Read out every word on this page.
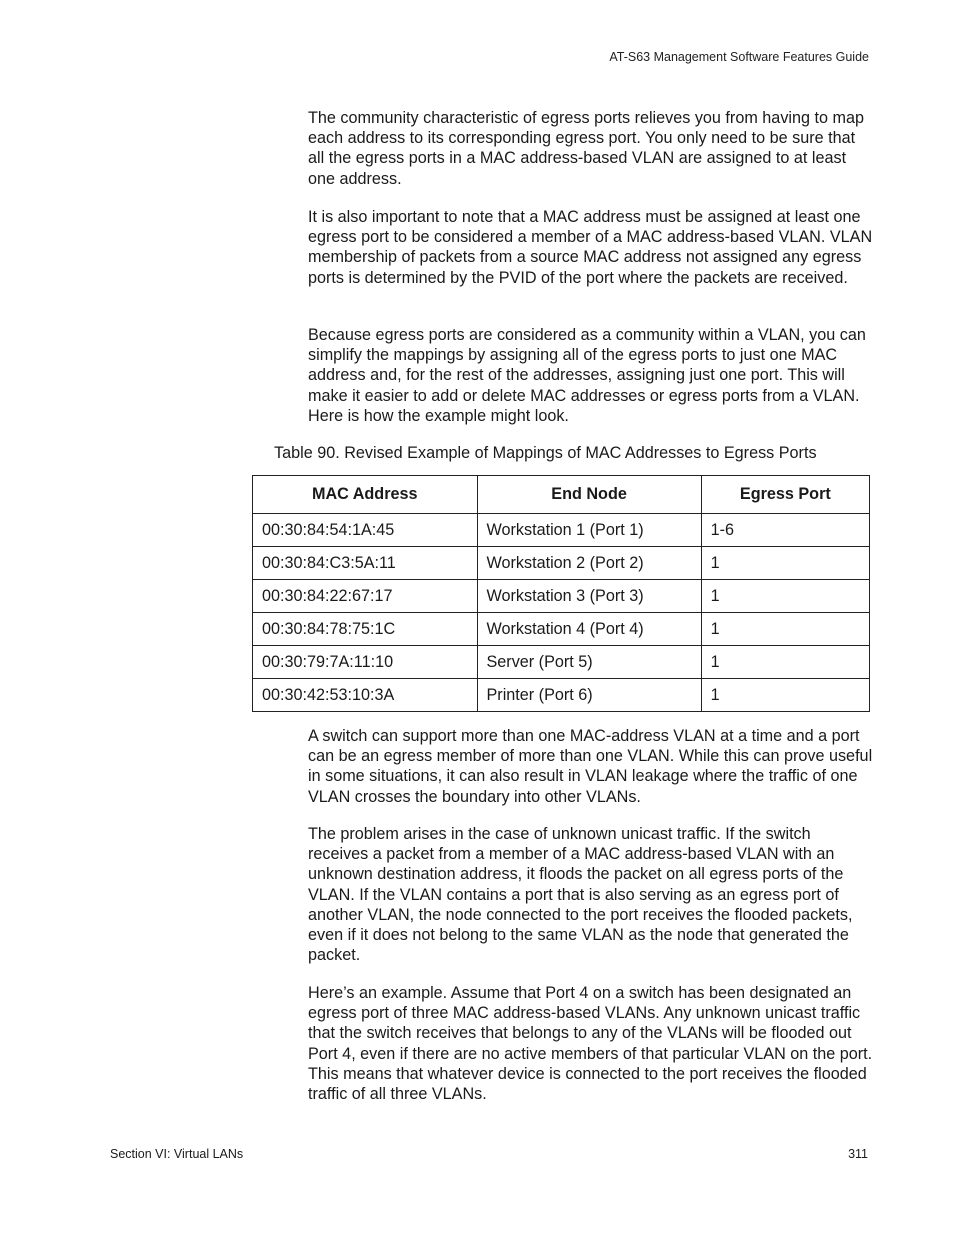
AT-S63 Management Software Features Guide

The community characteristic of egress ports relieves you from having to map each address to its corresponding egress port. You only need to be sure that all the egress ports in a MAC address-based VLAN are assigned to at least one address.

It is also important to note that a MAC address must be assigned at least one egress port to be considered a member of a MAC address-based VLAN. VLAN membership of packets from a source MAC address not assigned any egress ports is determined by the PVID of the port where the packets are received.

Because egress ports are considered as a community within a VLAN, you can simplify the mappings by assigning all of the egress ports to just one MAC address and, for the rest of the addresses, assigning just one port. This will make it easier to add or delete MAC addresses or egress ports from a VLAN. Here is how the example might look.

Table 90. Revised Example of Mappings of MAC Addresses to Egress Ports
MAC Address	End Node	Egress Port
00:30:84:54:1A:45	Workstation 1 (Port 1)	1-6
00:30:84:C3:5A:11	Workstation 2 (Port 2)	1
00:30:84:22:67:17	Workstation 3 (Port 3)	1
00:30:84:78:75:1C	Workstation 4 (Port 4)	1
00:30:79:7A:11:10	Server (Port 5)	1
00:30:42:53:10:3A	Printer (Port 6)	1

A switch can support more than one MAC-address VLAN at a time and a port can be an egress member of more than one VLAN. While this can prove useful in some situations, it can also result in VLAN leakage where the traffic of one VLAN crosses the boundary into other VLANs.

The problem arises in the case of unknown unicast traffic. If the switch receives a packet from a member of a MAC address-based VLAN with an unknown destination address, it floods the packet on all egress ports of the VLAN. If the VLAN contains a port that is also serving as an egress port of another VLAN, the node connected to the port receives the flooded packets, even if it does not belong to the same VLAN as the node that generated the packet.

Here’s an example. Assume that Port 4 on a switch has been designated an egress port of three MAC address-based VLANs. Any unknown unicast traffic that the switch receives that belongs to any of the VLANs will be flooded out Port 4, even if there are no active members of that particular VLAN on the port. This means that whatever device is connected to the port receives the flooded traffic of all three VLANs.

Section VI: Virtual LANs	311
